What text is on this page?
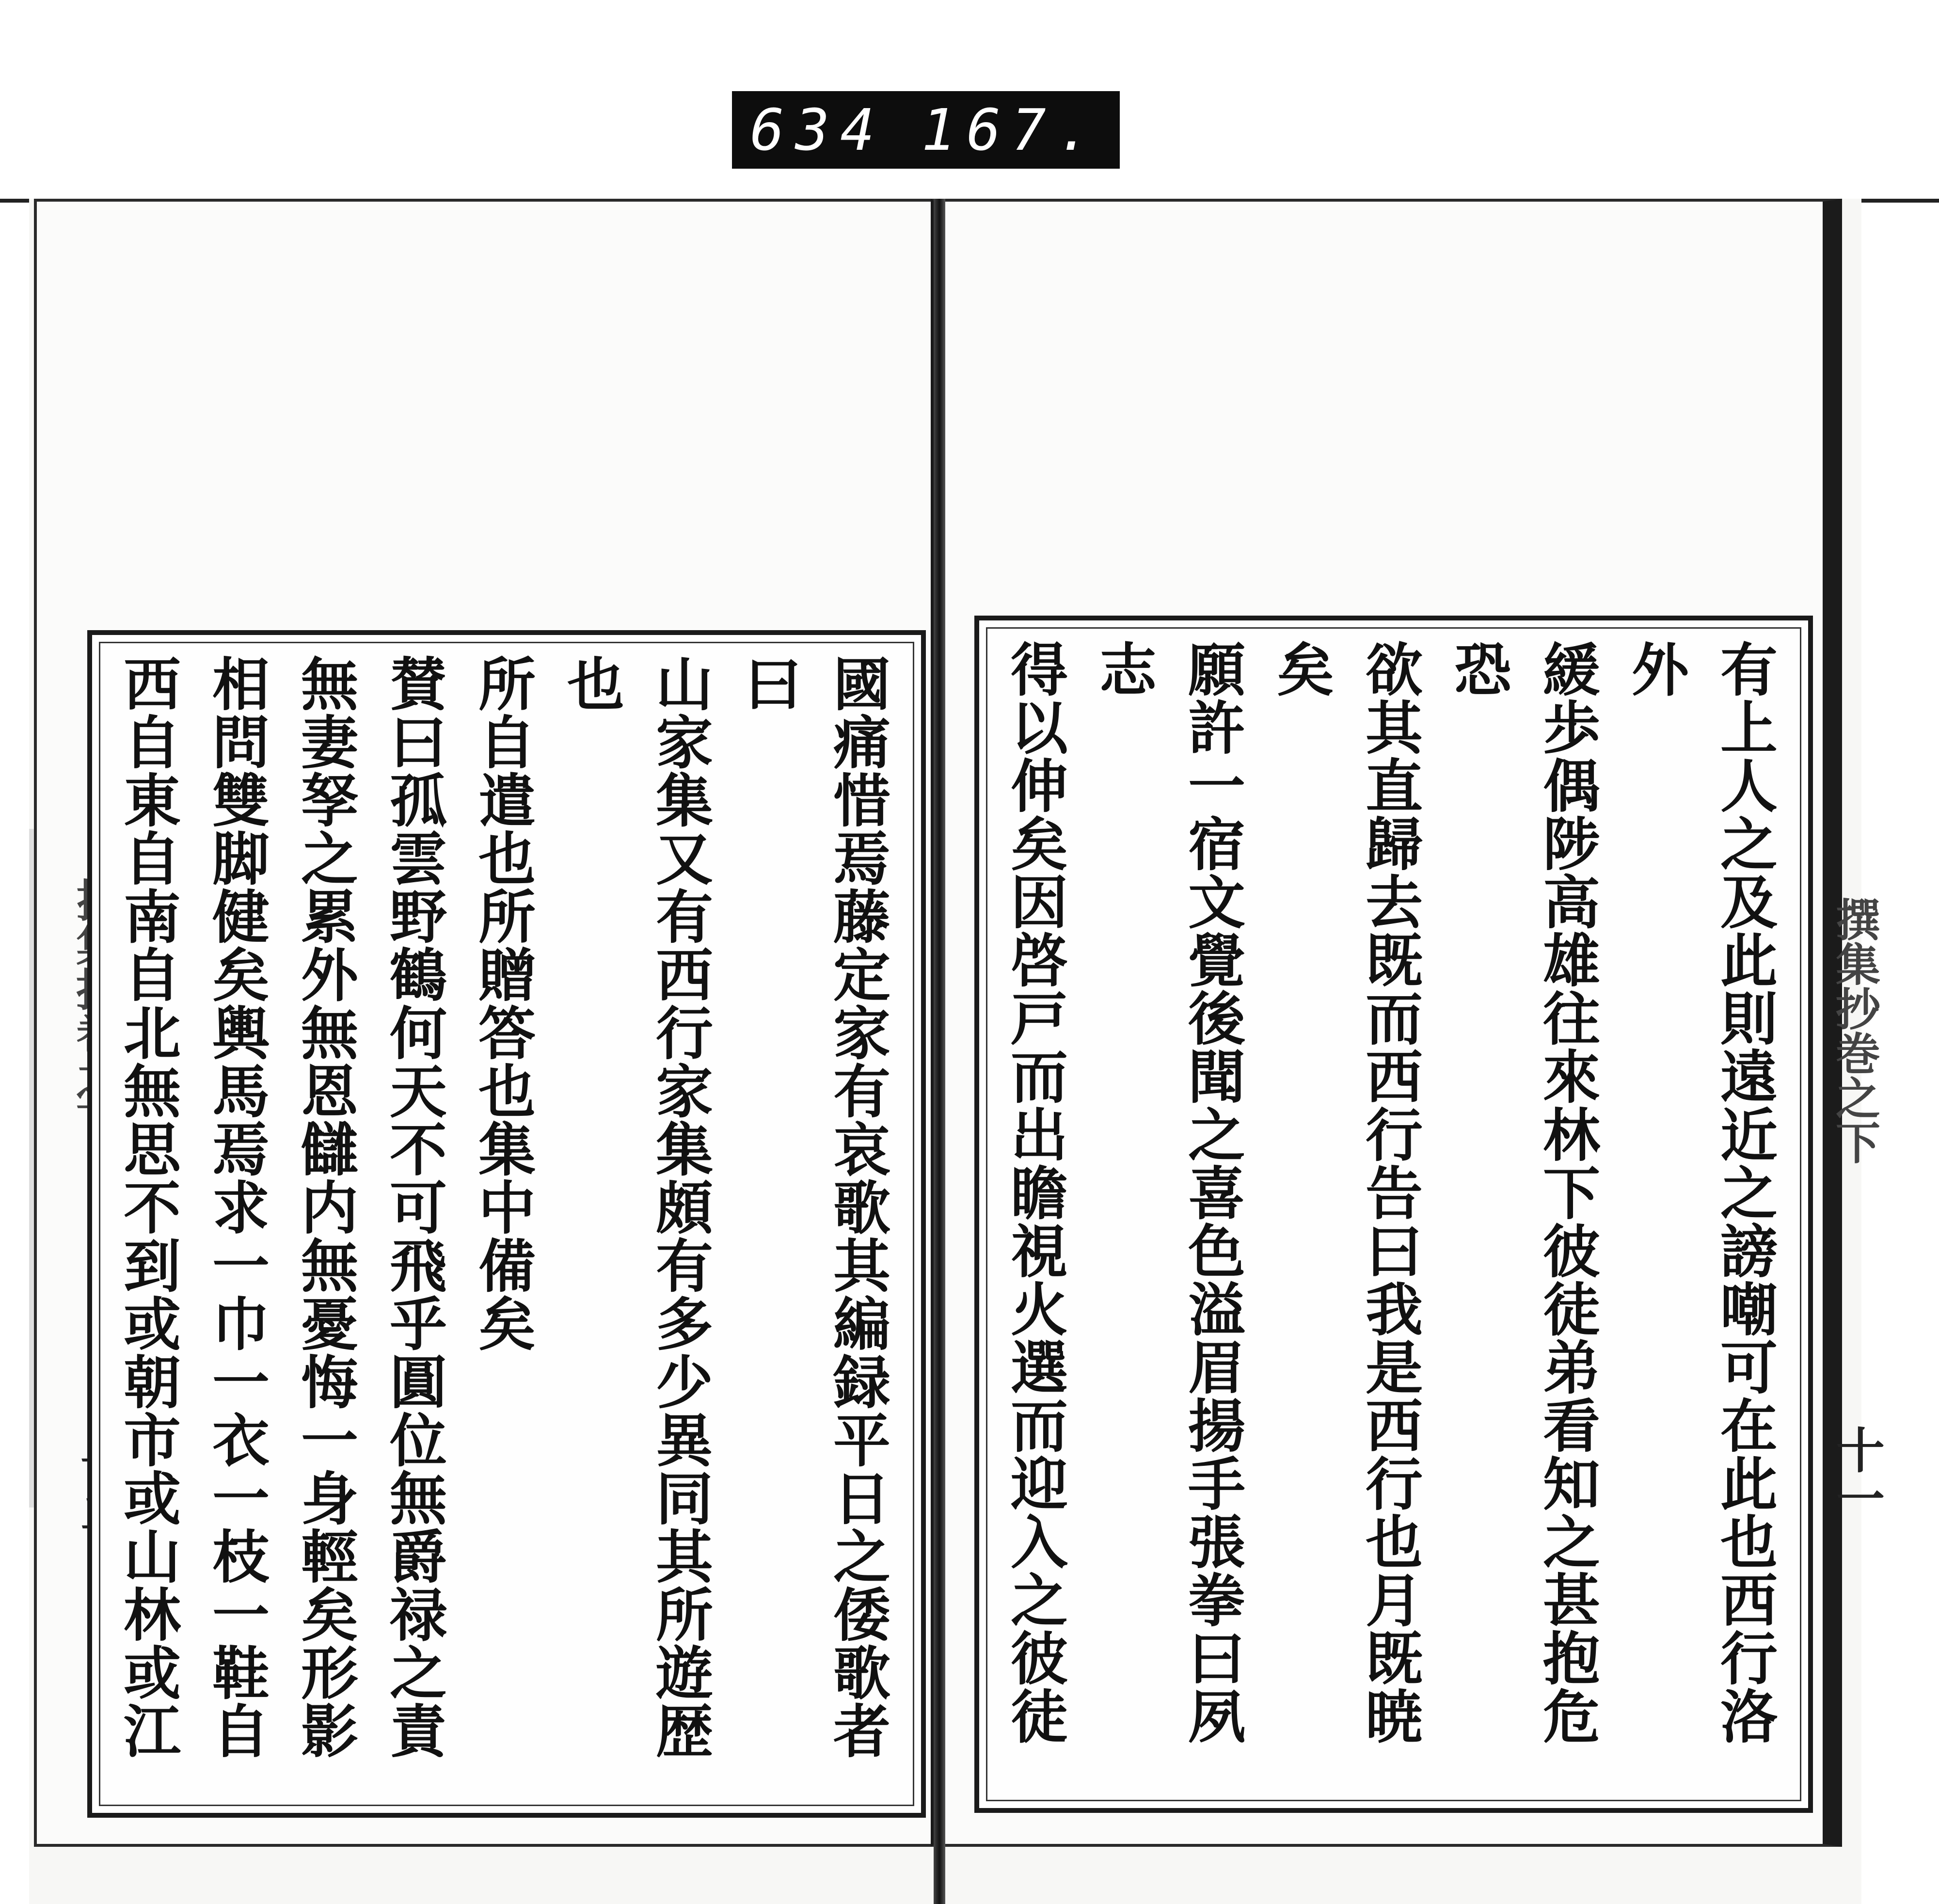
634 167.
撰集抄巻之下
十一

國痛惜焉藤定家有哀歌其編録平日之倭歌者曰

山家集又有西行家集頗有多少異同其所遊歴也

所自遣也所贈答也集中備矣

賛曰孤雲野鶴何天不可飛乎圓位無爵禄之責

無妻孥之累外無恩讎内無憂悔一身輕矣形影

相問雙脚健矣輿馬焉求一巾一衣一枝一鞋自

西自東自南自北無思不到或朝市或山林或江	有上人之及此則遠近之謗嘲可在此也西行洛外

緩歩偶陟高雄往來林下彼徒弟看知之甚抱危恐

欲其直歸去既而西行告曰我是西行也月既暁矣

願許一宿文覺後聞之喜色溢眉揚手張拳曰夙志

得以伸矣因啓戸而出瞻視火選而迎入之彼徒
